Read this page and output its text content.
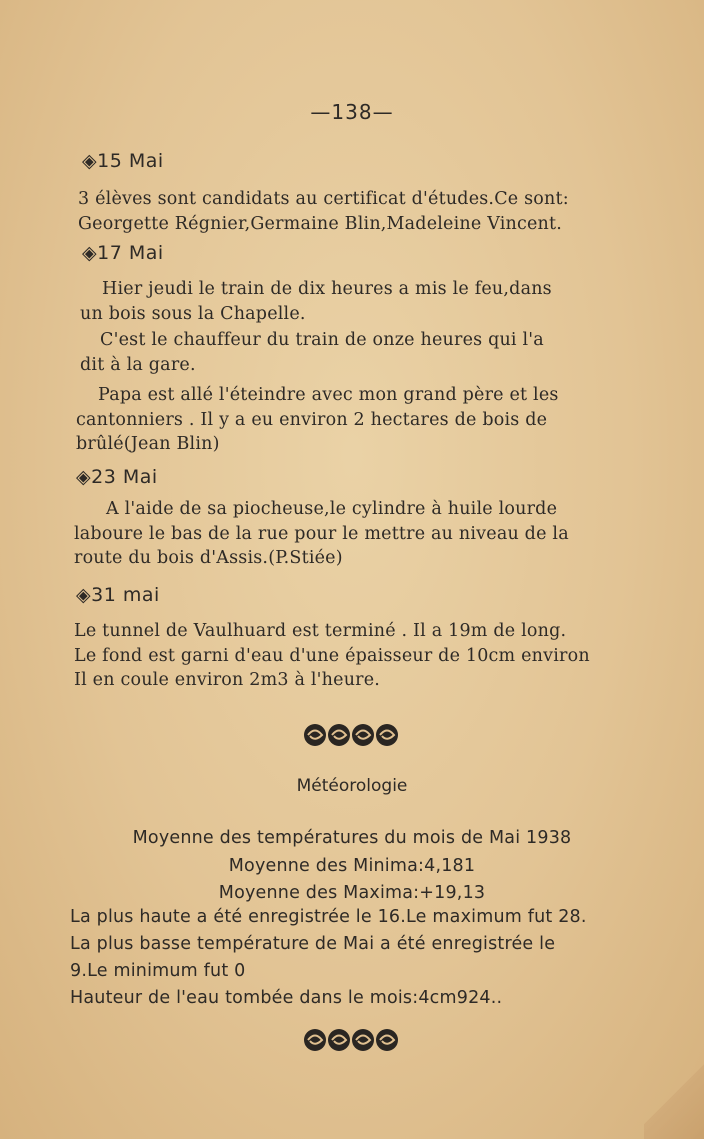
—138—
◈15 Mai

3 élèves sont candidats au certificat d'études.Ce sont: Georgette Régnier,Germaine Blin,Madeleine Vincent.

◈17 Mai

Hier jeudi le train de dix heures a mis le feu,dans un bois sous la Chapelle.

C'est le chauffeur du train de onze heures qui l'a dit à la gare.

Papa est allé l'éteindre avec mon grand père et les cantonniers . Il y a eu environ 2 hectares de bois de brûlé(Jean Blin)

◈23 Mai

A l'aide de sa piocheuse,le cylindre à huile lourde laboure le bas de la rue pour le mettre au niveau de la route du bois d'Assis.(P.Stiée)

◈31 mai

Le tunnel de Vaulhuard est terminé . Il a 19m de long. Le fond est garni d'eau d'une épaisseur de 10cm environ Il en coule environ 2m3 à l'heure.

Météorologie
Moyenne des températures du mois de Mai 1938
Moyenne des Minima:4,181
Moyenne des Maxima:+19,13
La plus haute a été enregistrée le 16.Le maximum fut 28.
La plus basse température de Mai a été enregistrée le
9.Le minimum fut 0
Hauteur de l'eau tombée dans le mois:4cm924..
